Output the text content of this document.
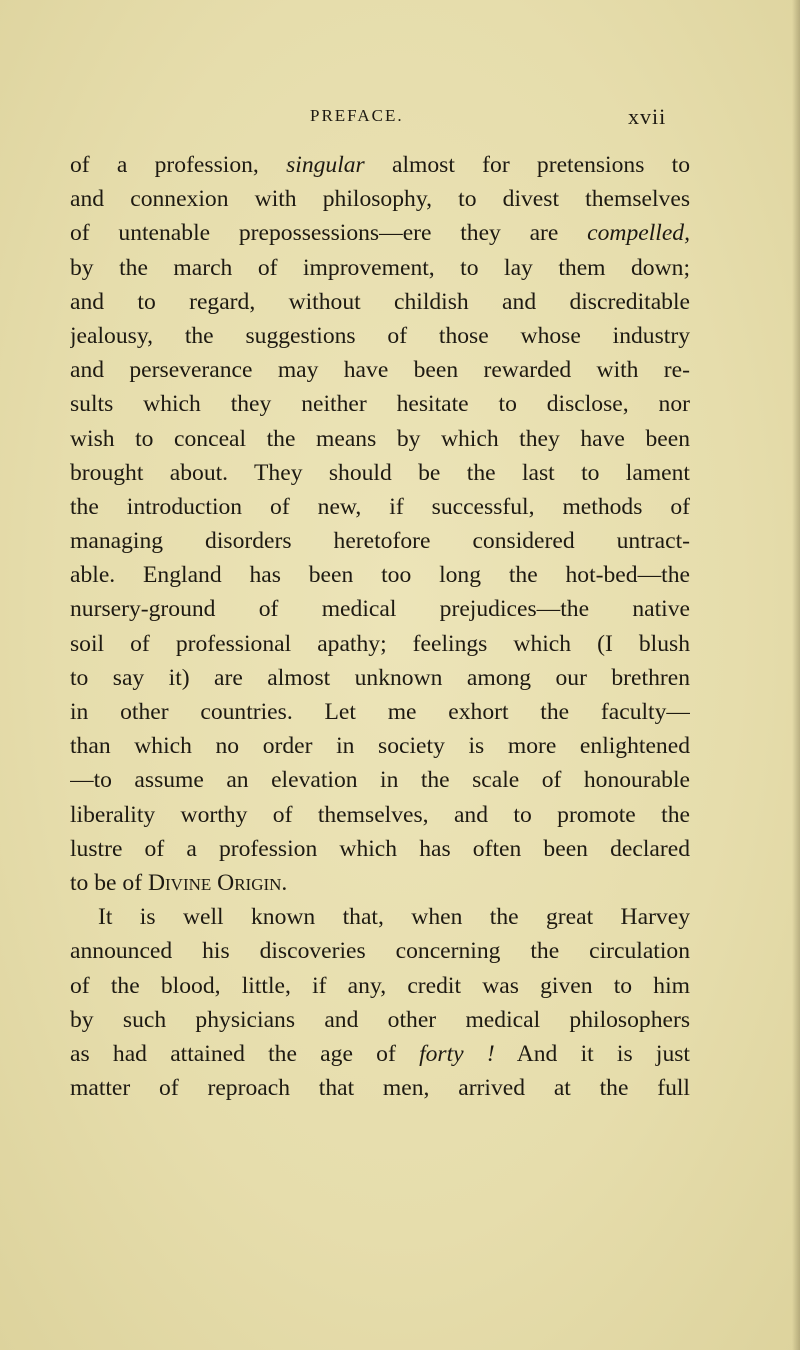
PREFACE.	xvii
of a profession, singular almost for pretensions to
and connexion with philosophy, to divest themselves
of untenable prepossessions—ere they are compelled,
by the march of improvement, to lay them down;
and to regard, without childish and discreditable
jealousy, the suggestions of those whose industry
and perseverance may have been rewarded with re-
sults which they neither hesitate to disclose, nor
wish to conceal the means by which they have been
brought about. They should be the last to lament
the introduction of new, if successful, methods of
managing disorders heretofore considered untract-
able. England has been too long the hot-bed—the
nursery-ground of medical prejudices—the native
soil of professional apathy; feelings which (I blush
to say it) are almost unknown among our brethren
in other countries. Let me exhort the faculty—
than which no order in society is more enlightened
—to assume an elevation in the scale of honourable
liberality worthy of themselves, and to promote the
lustre of a profession which has often been declared
to be of Divine Origin.
It is well known that, when the great Harvey
announced his discoveries concerning the circulation
of the blood, little, if any, credit was given to him
by such physicians and other medical philosophers
as had attained the age of forty ! And it is just
matter of reproach that men, arrived at the full
